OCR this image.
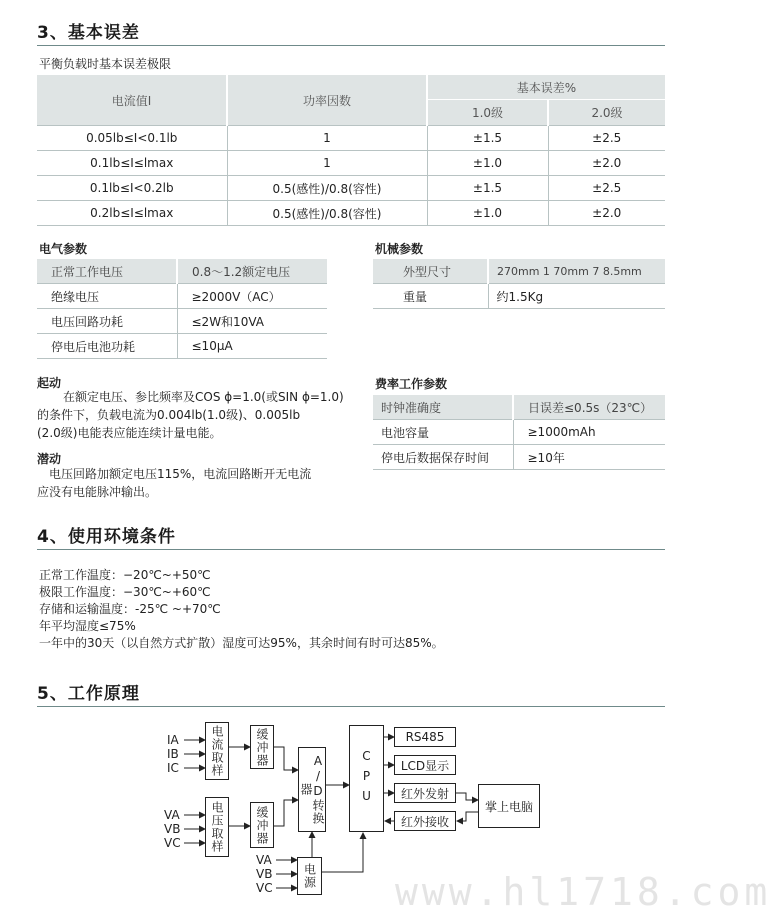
3、基本误差
平衡负载时基本误差极限
电流值I	功率因数	基本误差%	
		1.0级	2.0级
0.05lb≤I<0.1lb	1	±1.5	±2.5
0.1lb≤I≤lmax	1	±1.0	±2.0
0.1lb≤I<0.2lb	0.5(感性)/0.8(容性)	±1.5	±2.5
0.2lb≤I≤lmax	0.5(感性)/0.8(容性)	±1.0	±2.0
电气参数
正常工作电压	0.8～1.2额定电压
绝缘电压	≥2000V（AC）
电压回路功耗	≤2W和10VA
停电后电池功耗	≤10μA
机械参数
外型尺寸	270mm 1 70mm 7 8.5mm
重量	约1.5Kg
起动
在额定电压、参比频率及COS ɸ=1.0(或SIN ɸ=1.0)
的条件下，负载电流为0.004lb(1.0级)、0.005lb
(2.0级)电能表应能连续计量电能。
潜动
电压回路加额定电压115%，电流回路断开无电流
应没有电能脉冲输出。
费率工作参数
时钟准确度	日误差≤0.5s（23℃）
电池容量	≥1000mAh
停电后数据保存时间	≥10年
4、使用环境条件
正常工作温度：−20℃~+50℃
极限工作温度：−30℃~+60℃
存储和运输温度：-25℃ ~+70℃
年平均湿度≤75%
一年中的30天（以自然方式扩散）湿度可达95%，其余时间有时可达85%。
5、工作原理
IA
IB
IC
VA
VB
VC
VA
VB
VC
电流取样	缓冲器
电压取样	缓冲器	A/D转换器	CPU
电源
RS485
LCD显示
红外发射
红外接收
掌上电脑
www.hl1718.com
